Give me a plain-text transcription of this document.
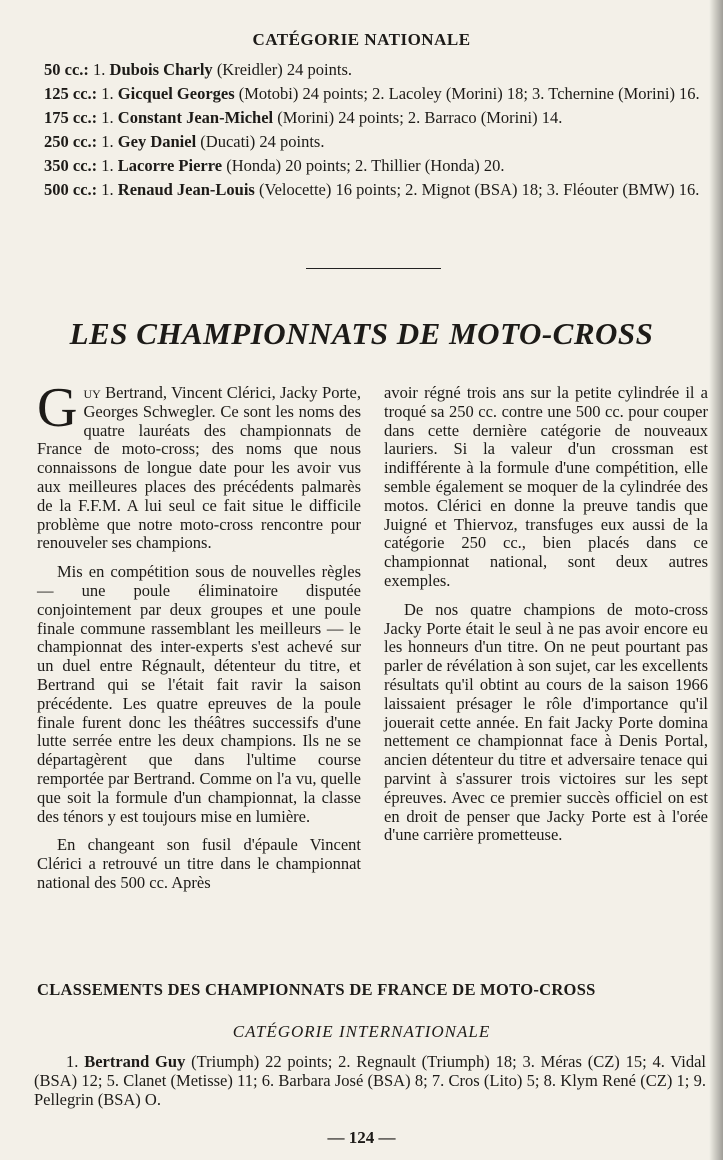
CATÉGORIE NATIONALE

50 cc.: 1. Dubois Charly (Kreidler) 24 points.

125 cc.: 1. Gicquel Georges (Motobi) 24 points; 2. Lacoley (Morini) 18; 3. Tchernine (Morini) 16.

175 cc.: 1. Constant Jean-Michel (Morini) 24 points; 2. Barraco (Morini) 14.

250 cc.: 1. Gey Daniel (Ducati) 24 points.

350 cc.: 1. Lacorre Pierre (Honda) 20 points; 2. Thillier (Honda) 20.

500 cc.: 1. Renaud Jean-Louis (Velocette) 16 points; 2. Mignot (BSA) 18; 3. Fléouter (BMW) 16.

LES CHAMPIONNATS DE MOTO-CROSS

Guy Bertrand, Vincent Clérici, Jacky Porte, Georges Schwegler. Ce sont les noms des quatre lauréats des championnats de France de moto-cross; des noms que nous connaissons de longue date pour les avoir vus aux meilleures places des précédents palmarès de la F.F.M. A lui seul ce fait situe le difficile problème que notre moto-cross rencontre pour renouveler ses champions.

Mis en compétition sous de nouvelles règles — une poule éliminatoire disputée conjointement par deux groupes et une poule finale commune rassemblant les meilleurs — le championnat des inter-experts s'est achevé sur un duel entre Régnault, détenteur du titre, et Bertrand qui se l'était fait ravir la saison précédente. Les quatre epreuves de la poule finale furent donc les théâtres successifs d'une lutte serrée entre les deux champions. Ils ne se départagèrent que dans l'ultime course remportée par Bertrand. Comme on l'a vu, quelle que soit la formule d'un championnat, la classe des ténors y est toujours mise en lumière.

En changeant son fusil d'épaule Vincent Clérici a retrouvé un titre dans le championnat national des 500 cc. Après

avoir régné trois ans sur la petite cylindrée il a troqué sa 250 cc. contre une 500 cc. pour couper dans cette dernière catégorie de nouveaux lauriers. Si la valeur d'un crossman est indifférente à la formule d'une compétition, elle semble également se moquer de la cylindrée des motos. Clérici en donne la preuve tandis que Juigné et Thiervoz, transfuges eux aussi de la catégorie 250 cc., bien placés dans ce championnat national, sont deux autres exemples.

De nos quatre champions de moto-cross Jacky Porte était le seul à ne pas avoir encore eu les honneurs d'un titre. On ne peut pourtant pas parler de révélation à son sujet, car les excellents résultats qu'il obtint au cours de la saison 1966 laissaient présager le rôle d'importance qu'il jouerait cette année. En fait Jacky Porte domina nettement ce championnat face à Denis Portal, ancien détenteur du titre et adversaire tenace qui parvint à s'assurer trois victoires sur les sept épreuves. Avec ce premier succès officiel on est en droit de penser que Jacky Porte est à l'orée d'une carrière prometteuse.

CLASSEMENTS DES CHAMPIONNATS DE FRANCE DE MOTO-CROSS
CATÉGORIE INTERNATIONALE
1. Bertrand Guy (Triumph) 22 points; 2. Regnault (Triumph) 18; 3. Méras (CZ) 15; 4. Vidal (BSA) 12; 5. Clanet (Metisse) 11; 6. Barbara José (BSA) 8; 7. Cros (Lito) 5; 8. Klym René (CZ) 1; 9. Pellegrin (BSA) O.
— 124 —
